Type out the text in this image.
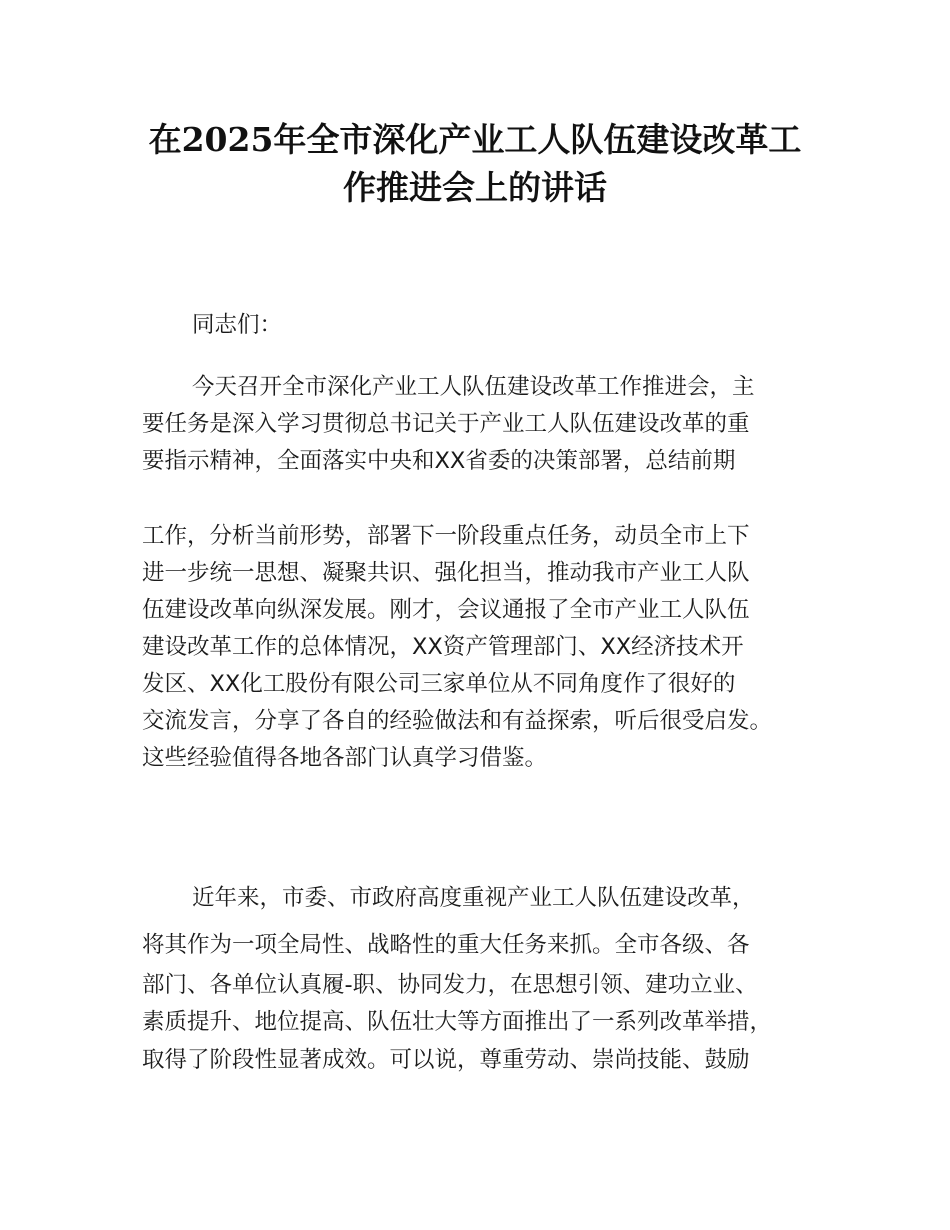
在2025年全市深化产业工人队伍建设改革工
作推进会上的讲话
同志们：
今天召开全市深化产业工人队伍建设改革工作推进会，主
要任务是深入学习贯彻总书记关于产业工人队伍建设改革的重
要指示精神，全面落实中央和XX省委的决策部署，总结前期
工作，分析当前形势，部署下一阶段重点任务，动员全市上下
进一步统一思想、凝聚共识、强化担当，推动我市产业工人队
伍建设改革向纵深发展。刚才，会议通报了全市产业工人队伍
建设改革工作的总体情况，XX资产管理部门、XX经济技术开
发区、XX化工股份有限公司三家单位从不同角度作了很好的
交流发言，分享了各自的经验做法和有益探索，听后很受启发。
这些经验值得各地各部门认真学习借鉴。
近年来，市委、市政府高度重视产业工人队伍建设改革，
将其作为一项全局性、战略性的重大任务来抓。全市各级、各
部门、各单位认真履-职、协同发力，在思想引领、建功立业、
素质提升、地位提高、队伍壮大等方面推出了一系列改革举措，
取得了阶段性显著成效。可以说，尊重劳动、崇尚技能、鼓励
